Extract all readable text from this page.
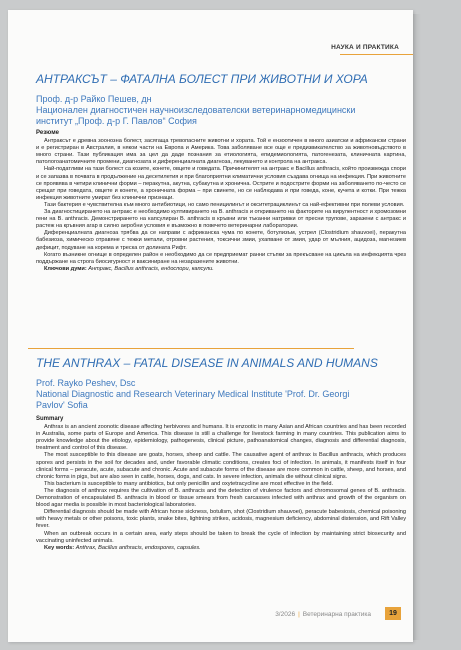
НАУКА И ПРАКТИКА
АНТРАКСЪТ – ФАТАЛНА БОЛЕСТ ПРИ ЖИВОТНИ И ХОРА
Проф. д-р Райко Пешев, дн
Национален диагностичен научноизследователски ветеринарномедицински
институт „Проф. д-р Г. Павлов“ София

Резюме

Антраксът е древна зоонозна болест, засягаща тревопасните животни и хората. Той е ензоотичен в много азиатски и африкански страни и е регистриран в Австралия, в някои части на Европа и Америка. Това заболяване все още е предизвикателство за животновъдството в много страни. Тази публикация има за цел да даде познания за етиологията, епидемиологията, патогенезата, клиничната картина, патологоанатомичните промени, диагнозата и диференциалната диагноза, лекуването и контрола на антракса.

Най-податливи на тази болест са козите, конете, овцете и говедата. Причинителят на антракс е Bacillus anthracis, който произвежда спори и се запазва в почвата в продължение на десетилетия и при благоприятни климатични условия създава огнища на инфекция. При животните се проявява в четири клинични форми – перакутна, акутна, субакутна и хронична. Острите и подострите форми на заболяването по-често се срещат при говедата, овцете и конете, а хроничната форма – при свинете, но се наблюдава и при говеда, коне, кучета и котки. При тежка инфекция животните умират без клинични признаци.

Тази бактерия е чувствителна към много антибиотици, но само пеницилинът и окситетрациклинът са най-ефективни при полеви условия.

За диагностицирането на антракс е необходимо култивирането на B. anthracis и откриването на факторите на вирулентност и хромозомни гени на B. anthracis. Демонстрирането на капсулиран B. anthracis в кръвни или тъканни натривки от пресни трупове, заразени с антракс и растеж на кръвния агар в силно аеробни условия е възможно в повечето ветеринарни лаборатории.

Диференциалната диагноза трябва да се направи с африканска чума по конете, ботулизъм, устрел (Clostridium shauvoei), перакутна бабезиоза, химическо отравяне с тежки метали, отровни растения, токсични змии, ухапване от змия, удар от мълния, ацидоза, магнезиев дефицит, подуване на корема и треска от долината Рифт.

Когато възникне огнище в определен район е необходимо да се предприемат ранни стъпки за прекъсване на цикъла на инфекцията чрез поддържане на строга биосигурност и ваксиниране на незаразените животни.

Ключови думи: Антракс, Bacillus anthracis, ендоспори, капсули.

THE ANTHRAX – FATAL DISEASE IN ANIMALS AND HUMANS
Prof. Rayko Peshev, Dsc
National Diagnostic and Research Veterinary Medical Institute 'Prof. Dr. Georgi
Pavlov' Sofia

Summary

Anthrax is an ancient zoonotic disease affecting herbivores and humans. It is enzootic in many Asian and African countries and has been recorded in Australia, some parts of Europe and America. This disease is still a challenge for livestock farming in many countries. This publication aims to provide knowledge about the etiology, epidemiology, pathogenesis, clinical picture, pathoanatomical changes, diagnosis and differential diagnosis, treatment and control of this disease.

The most susceptible to this disease are goats, horses, sheep and cattle. The causative agent of anthrax is Bacillus anthracis, which produces spores and persists in the soil for decades and, under favorable climatic conditions, creates foci of infection. In animals, it manifests itself in four clinical forms – peracute, acute, subacute and chronic. Acute and subacute forms of the disease are more common in cattle, sheep, and horses, and chronic forms in pigs, but are also seen in cattle, horses, dogs, and cats. In severe infection, animals die without clinical signs.

This bacterium is susceptible to many antibiotics, but only penicillin and oxytetracycline are most effective in the field.

The diagnosis of anthrax requires the cultivation of B. anthracis and the detection of virulence factors and chromosomal genes of B. anthracis. Demonstration of encapsulated B. anthracis in blood or tissue smears from fresh carcasses infected with anthrax and growth of the organism on blood agar media is possible in most bacteriological laboratories.

Differential diagnosis should be made with African horse sickness, botulism, shot (Clostridium shauvoei), peracute babesiosis, chemical poisoning with heavy metals or other poisons, toxic plants, snake bites, lightning strikes, acidosis, magnesium deficiency, abdominal distension, and Rift Valley fever.

When an outbreak occurs in a certain area, early steps should be taken to break the cycle of infection by maintaining strict biosecurity and vaccinating uninfected animals.

Key words: Anthrax, Bacillus anthracis, endospores, capsules.

3/2026 | Ветеринарна практика	19
